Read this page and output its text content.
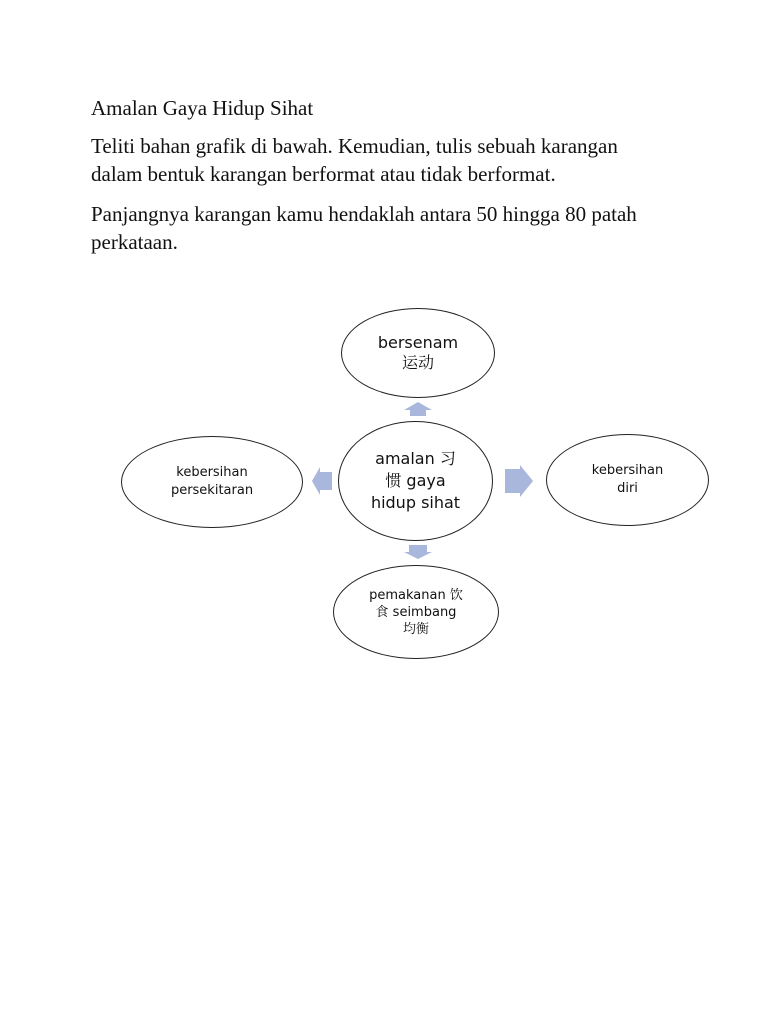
Amalan Gaya Hidup Sihat
Teliti bahan grafik di bawah. Kemudian, tulis sebuah karangan
dalam bentuk karangan berformat atau tidak berformat.
Panjangnya karangan kamu hendaklah antara 50 hingga 80 patah
perkataan.
bersenam
运动
amalan 习
惯 gaya
hidup sihat
kebersihan
persekitaran
kebersihan
diri
pemakanan 饮
食 seimbang
均衡
